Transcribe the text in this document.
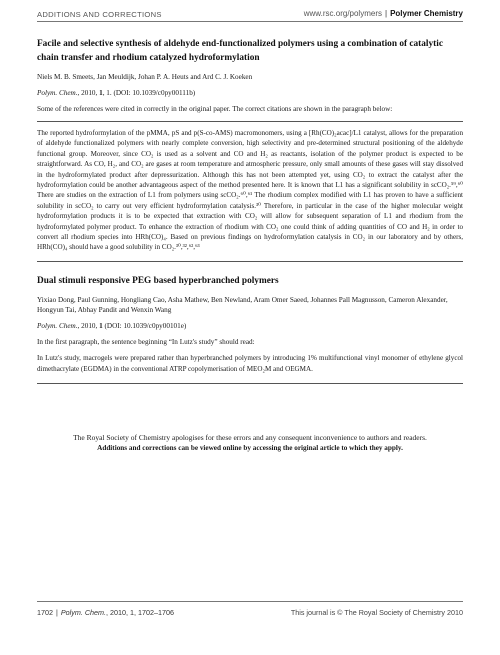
ADDITIONS AND CORRECTIONS	www.rsc.org/polymers | Polymer Chemistry
Facile and selective synthesis of aldehyde end-functionalized polymers using a combination of catalytic chain transfer and rhodium catalyzed hydroformylation

Niels M. B. Smeets, Jan Meuldijk, Johan P. A. Heuts and Ard C. J. Koeken

Polym. Chem., 2010, 1, 1. (DOI: 10.1039/c0py00111b)

Some of the references were cited in correctly in the original paper. The correct citations are shown in the paragraph below:

The reported hydroformylation of the pMMA, pS and p(S-co-AMS) macromonomers, using a [Rh(CO)₂acac]/L1 catalyst, allows for the preparation of aldehyde functionalized polymers with nearly complete conversion, high selectivity and pre-determined structural positioning of the aldehyde functional group. Moreover, since CO₂ is used as a solvent and CO and H₂ as reactants, isolation of the polymer product is expected to be straightforward. As CO, H₂, and CO₂ are gases at room temperature and atmospheric pressure, only small amounts of these gases will stay dissolved in the hydroformylated product after depressurization. Although this has not been attempted yet, using CO₂ to extract the catalyst after the hydroformylation could be another advantageous aspect of the method presented here. It is known that L1 has a significant solubility in scCO₂.⁵⁹,⁶⁰ There are studies on the extraction of L1 from polymers using scCO₂.⁶⁰,⁶¹ The rhodium complex modified with L1 has proven to have a sufficient solubility in scCO₂ to carry out very efficient hydroformylation catalysis.³⁰ Therefore, in particular in the case of the higher molecular weight hydroformylation products it is to be expected that extraction with CO₂ will allow for subsequent separation of L1 and rhodium from the hydroformylated polymer product. To enhance the extraction of rhodium with CO₂ one could think of adding quantities of CO and H₂ in order to convert all rhodium species into HRh(CO)₄. Based on previous findings on hydroformylation catalysis in CO₂ in our laboratory and by others, HRh(CO)₄ should have a good solubility in CO₂.³⁰,³²,⁶²,⁶³

Dual stimuli responsive PEG based hyperbranched polymers

Yixiao Dong, Paul Gunning, Hongliang Cao, Asha Mathew, Ben Newland, Aram Omer Saeed, Johannes Pall Magnusson, Cameron Alexander, Hongyun Tai, Abhay Pandit and Wenxin Wang

Polym. Chem., 2010, 1 (DOI: 10.1039/c0py00101e)

In the first paragraph, the sentence beginning “In Lutz's study” should read:

In Lutz's study, macrogels were prepared rather than hyperbranched polymers by introducing 1% multifunctional vinyl monomer of ethylene glycol dimethacrylate (EGDMA) in the conventional ATRP copolymerisation of MEO₂M and OEGMA.

The Royal Society of Chemistry apologises for these errors and any consequent inconvenience to authors and readers.
Additions and corrections can be viewed online by accessing the original article to which they apply.
1702 | Polym. Chem., 2010, 1, 1702–1706	This journal is © The Royal Society of Chemistry 2010
